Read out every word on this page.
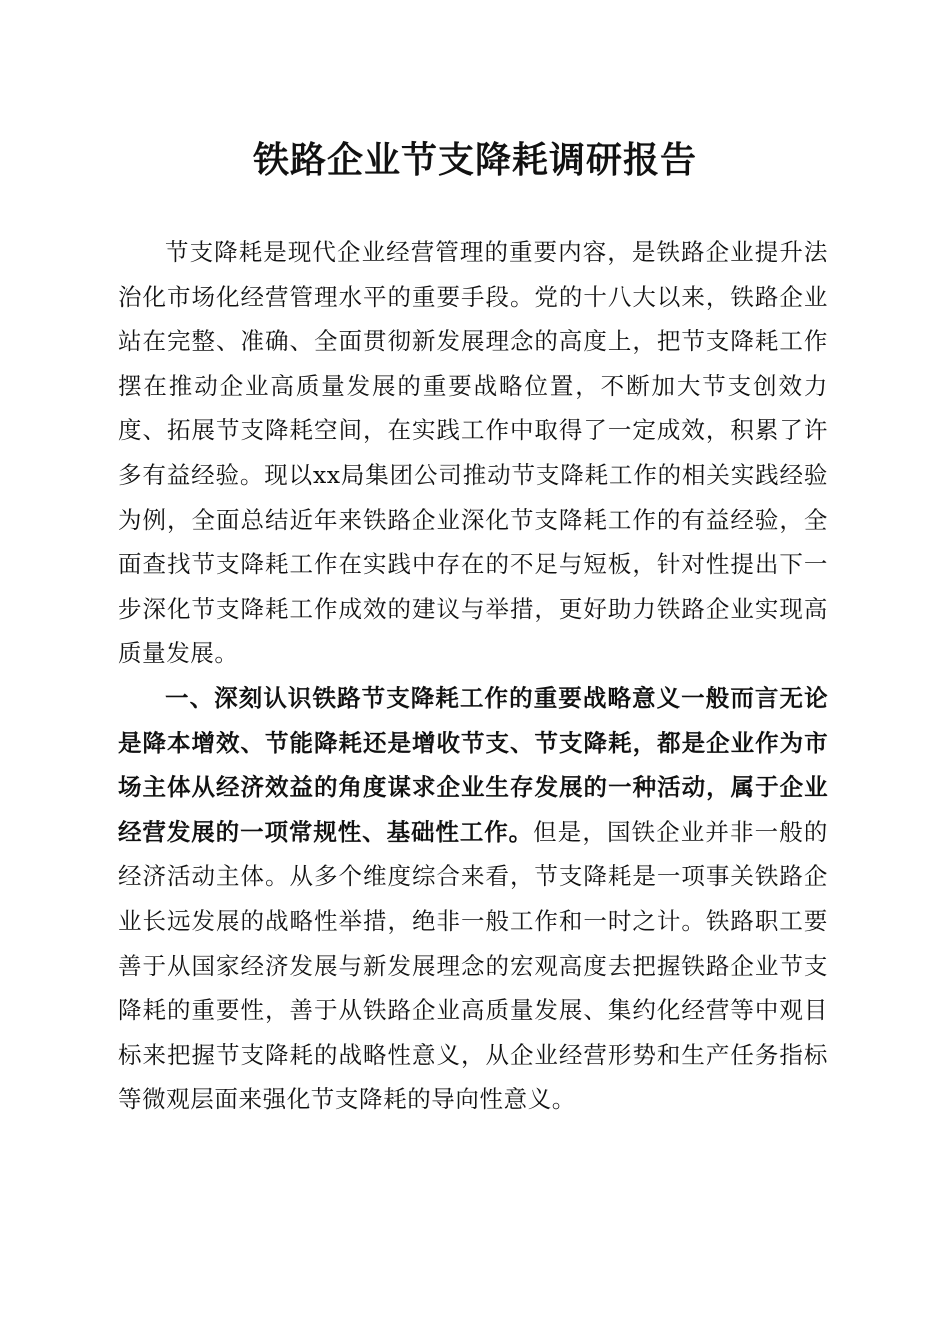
铁路企业节支降耗调研报告

节支降耗是现代企业经营管理的重要内容，是铁路企业提升法治化市场化经营管理水平的重要手段。党的十八大以来，铁路企业站在完整、准确、全面贯彻新发展理念的高度上，把节支降耗工作摆在推动企业高质量发展的重要战略位置，不断加大节支创效力度、拓展节支降耗空间，在实践工作中取得了一定成效，积累了许多有益经验。现以xx局集团公司推动节支降耗工作的相关实践经验为例，全面总结近年来铁路企业深化节支降耗工作的有益经验，全面查找节支降耗工作在实践中存在的不足与短板，针对性提出下一步深化节支降耗工作成效的建议与举措，更好助力铁路企业实现高质量发展。

一、深刻认识铁路节支降耗工作的重要战略意义一般而言无论是降本增效、节能降耗还是增收节支、节支降耗，都是企业作为市场主体从经济效益的角度谋求企业生存发展的一种活动，属于企业经营发展的一项常规性、基础性工作。但是，国铁企业并非一般的经济活动主体。从多个维度综合来看，节支降耗是一项事关铁路企业长远发展的战略性举措，绝非一般工作和一时之计。铁路职工要善于从国家经济发展与新发展理念的宏观高度去把握铁路企业节支降耗的重要性，善于从铁路企业高质量发展、集约化经营等中观目标来把握节支降耗的战略性意义，从企业经营形势和生产任务指标等微观层面来强化节支降耗的导向性意义。
